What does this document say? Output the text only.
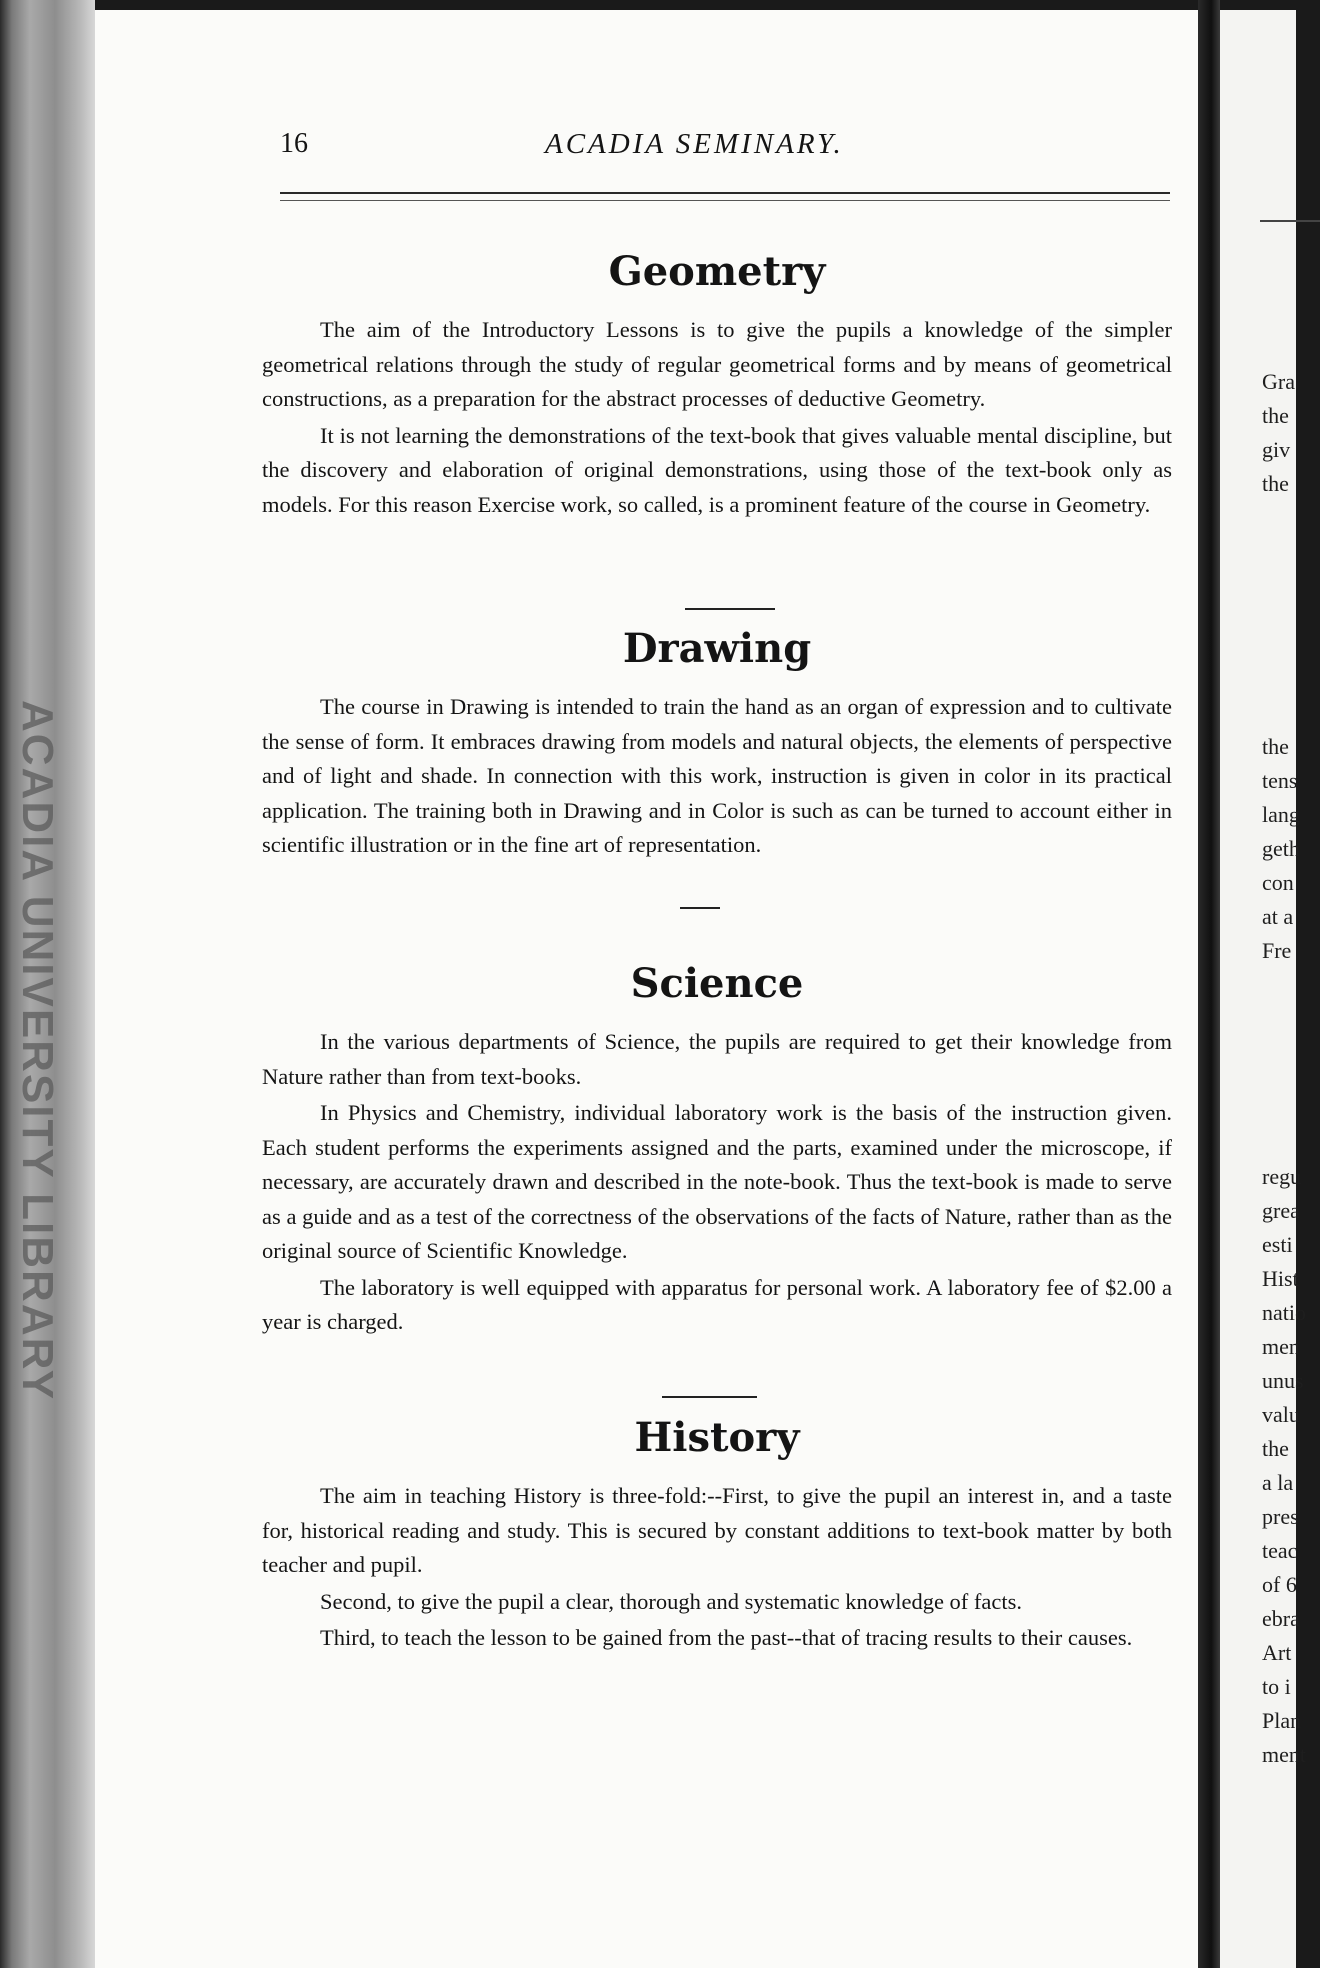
ACADIA UNIVERSITY LIBRARY
16	ACADIA SEMINARY.
Geometry

The aim of the Introductory Lessons is to give the pupils a knowledge of the simpler geometrical relations through the study of regular geometrical forms and by means of geometrical constructions, as a preparation for the abstract processes of deductive Geometry.

It is not learning the demonstrations of the text-book that gives valuable mental discipline, but the discovery and elaboration of original demonstrations, using those of the text-book only as models. For this reason Exercise work, so called, is a prominent feature of the course in Geometry.

Drawing

The course in Drawing is intended to train the hand as an organ of expression and to cultivate the sense of form. It embraces drawing from models and natural objects, the elements of perspective and of light and shade. In connection with this work, instruction is given in color in its practical application. The training both in Drawing and in Color is such as can be turned to account either in scientific illustration or in the fine art of representation.

Science

In the various departments of Science, the pupils are required to get their knowledge from Nature rather than from text-books.

In Physics and Chemistry, individual laboratory work is the basis of the instruction given. Each student performs the experiments assigned and the parts, examined under the microscope, if necessary, are accurately drawn and described in the note-book. Thus the text-book is made to serve as a guide and as a test of the correctness of the observations of the facts of Nature, rather than as the original source of Scientific Knowledge.

The laboratory is well equipped with apparatus for personal work. A laboratory fee of $2.00 a year is charged.

History

The aim in teaching History is three-fold:--First, to give the pupil an interest in, and a taste for, historical reading and study. This is secured by constant additions to text-book matter by both teacher and pupil.

Second, to give the pupil a clear, thorough and systematic knowledge of facts.

Third, to teach the lesson to be gained from the past--that of tracing results to their causes.

Gra
the
giv
the
the
tens
lang
geth
con
at a
Fre
regu
grea
esti
Hist
natio
men
unus
valu
the
a la
pres
teac
of 6
ebra
Art
to i
Plan
ment
